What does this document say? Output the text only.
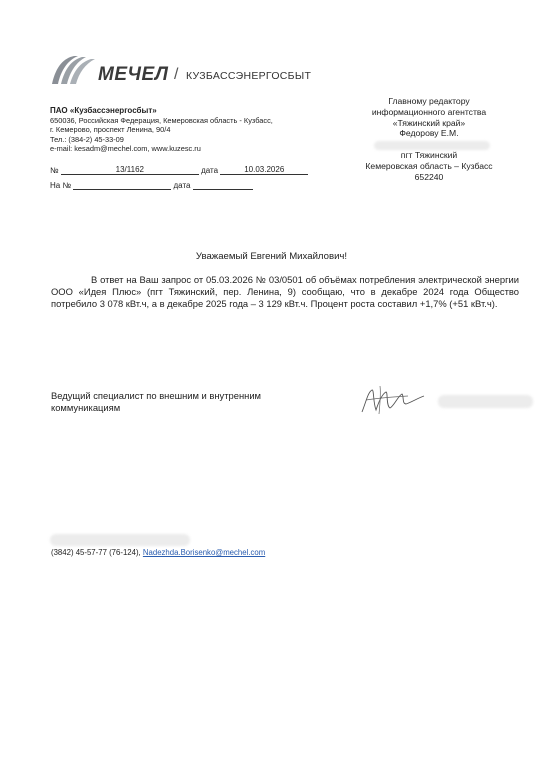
МЕЧЕЛ / КУЗБАССЭНЕРГОСБЫТ
ПАО «Кузбассэнергосбыт»
650036, Российская Федерация, Кемеровская область - Кузбасс,
г. Кемерово, проспект Ленина, 90/4
Тел.: (384-2) 45-33-09
e-mail: kesadm@mechel.com, www.kuzesc.ru
№	13/1162	дата	10.03.2026
На №	дата
Главному редактору
информационного агентства
«Тяжинский край»
Федорову Е.М.
пгт Тяжинский
Кемеровская область – Кузбасс
652240
Уважаемый Евгений Михайлович!
В ответ на Ваш запрос от 05.03.2026 № 03/0501 об объёмах потребления электрической энергии ООО «Идея Плюс» (пгт Тяжинский, пер. Ленина, 9) сообщаю, что в декабре 2024 года Общество потребило 3 078 кВт.ч, а в декабре 2025 года – 3 129 кВт.ч. Процент роста составил +1,7% (+51 кВт.ч).
Ведущий специалист по внешним и внутренним коммуникациям
(3842) 45-57-77 (76-124), Nadezhda.Borisenko@mechel.com
